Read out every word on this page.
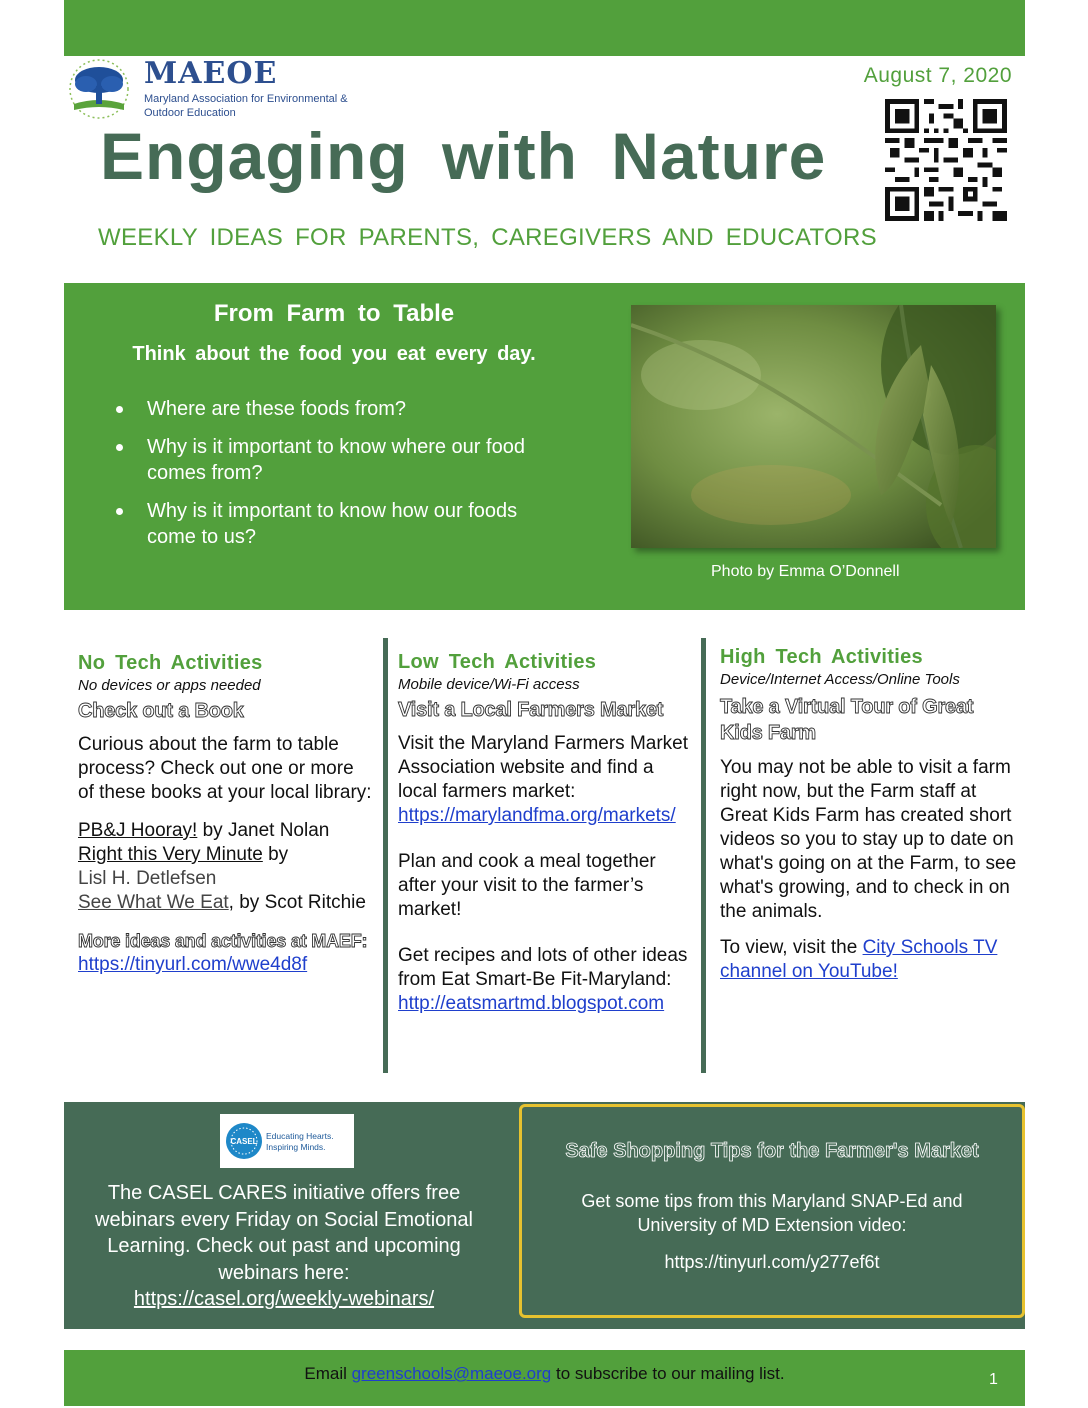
MAEOE
Maryland Association for Environmental & Outdoor Education
August 7, 2020
Engaging with Nature
WEEKLY IDEAS FOR PARENTS, CAREGIVERS AND EDUCATORS
From Farm to Table
Think about the food you eat every day.
Where are these foods from?
Why is it important to know where our food comes from?
Why is it important to know how our foods come to us?
Photo by Emma O’Donnell
No Tech Activities
No devices or apps needed
Check out a Book
Curious about the farm to table process? Check out one or more of these books at your local library:
PB&J Hooray! by Janet Nolan
Right this Very Minute by
Lisl H. Detlefsen
See What We Eat, by Scot Ritchie
More ideas and activities at MAEF:
https://tinyurl.com/wwe4d8f
Low Tech Activities
Mobile device/Wi-Fi access
Visit a Local Farmers Market
Visit the Maryland Farmers Market Association website and find a local farmers market:
https://marylandfma.org/markets/
Plan and cook a meal together after your visit to the farmer’s market!
Get recipes and lots of other ideas from Eat Smart-Be Fit-Maryland:
http://eatsmartmd.blogspot.com
High Tech Activities
Device/Internet Access/Online Tools
Take a Virtual Tour of Great Kids Farm
You may not be able to visit a farm right now, but the Farm staff at Great Kids Farm has created short videos so you to stay up to date on what's going on at the Farm, to see what's growing, and to check in on the animals.
To view, visit the City Schools TV channel on YouTube!
CASEL
Educating Hearts.
Inspiring Minds.
The CASEL CARES initiative offers free webinars every Friday on Social Emotional Learning. Check out past and upcoming webinars here:
https://casel.org/weekly-webinars/
Safe Shopping Tips for the Farmer's Market
Get some tips from this Maryland SNAP-Ed and University of MD Extension video:
https://tinyurl.com/y277ef6t
Email greenschools@maeoe.org to subscribe to our mailing list.	1
